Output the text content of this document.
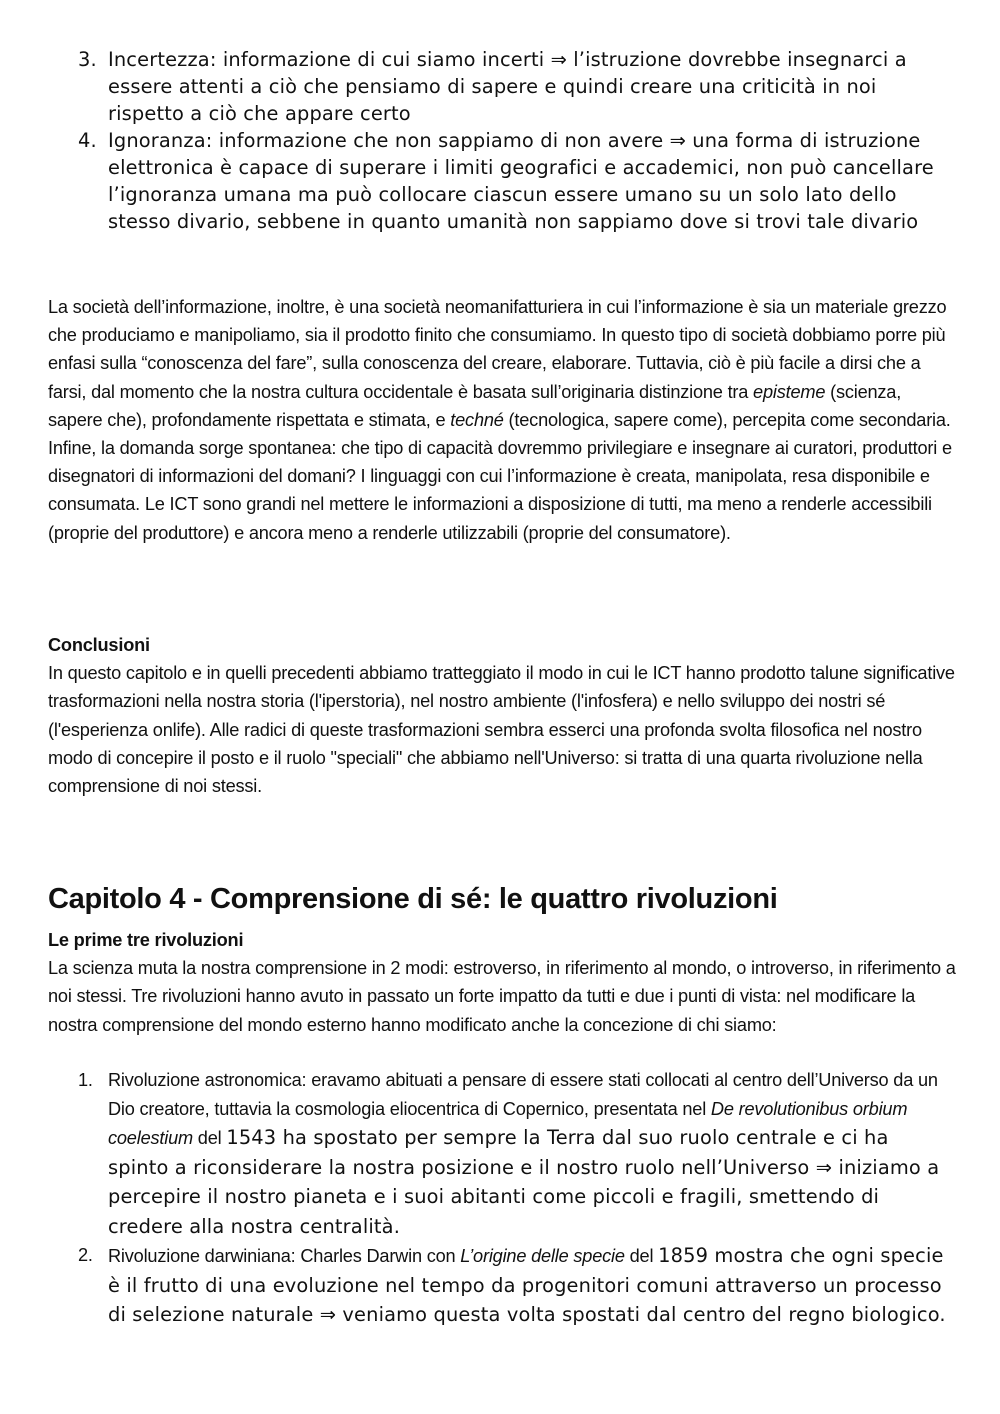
3. Incertezza: informazione di cui siamo incerti ⇒ l’istruzione dovrebbe insegnarci a essere attenti a ciò che pensiamo di sapere e quindi creare una criticità in noi rispetto a ciò che appare certo
4. Ignoranza: informazione che non sappiamo di non avere ⇒ una forma di istruzione elettronica è capace di superare i limiti geografici e accademici, non può cancellare l’ignoranza umana ma può collocare ciascun essere umano su un solo lato dello stesso divario, sebbene in quanto umanità non sappiamo dove si trovi tale divario

La società dell’informazione, inoltre, è una società neomanifatturiera in cui l’informazione è sia un materiale grezzo che produciamo e manipoliamo, sia il prodotto finito che consumiamo. In questo tipo di società dobbiamo porre più enfasi sulla “conoscenza del fare”, sulla conoscenza del creare, elaborare. Tuttavia, ciò è più facile a dirsi che a farsi, dal momento che la nostra cultura occidentale è basata sull’originaria distinzione tra episteme (scienza, sapere che), profondamente rispettata e stimata, e techné (tecnologica, sapere come), percepita come secondaria.

Infine, la domanda sorge spontanea: che tipo di capacità dovremmo privilegiare e insegnare ai curatori, produttori e disegnatori di informazioni del domani? I linguaggi con cui l’informazione è creata, manipolata, resa disponibile e consumata. Le ICT sono grandi nel mettere le informazioni a disposizione di tutti, ma meno a renderle accessibili (proprie del produttore) e ancora meno a renderle utilizzabili (proprie del consumatore).

Conclusioni

In questo capitolo e in quelli precedenti abbiamo tratteggiato il modo in cui le ICT hanno prodotto talune significative trasformazioni nella nostra storia (l'iperstoria), nel nostro ambiente (l'infosfera) e nello sviluppo dei nostri sé (l'esperienza onlife). Alle radici di queste trasformazioni sembra esserci una profonda svolta filosofica nel nostro modo di concepire il posto e il ruolo "speciali" che abbiamo nell'Universo: si tratta di una quarta rivoluzione nella comprensione di noi stessi.

Capitolo 4 - Comprensione di sé: le quattro rivoluzioni
Le prime tre rivoluzioni

La scienza muta la nostra comprensione in 2 modi: estroverso, in riferimento al mondo, o introverso, in riferimento a noi stessi. Tre rivoluzioni hanno avuto in passato un forte impatto da tutti e due i punti di vista: nel modificare la nostra comprensione del mondo esterno hanno modificato anche la concezione di chi siamo:

1. Rivoluzione astronomica: eravamo abituati a pensare di essere stati collocati al centro dell’Universo da un Dio creatore, tuttavia la cosmologia eliocentrica di Copernico, presentata nel De revolutionibus orbium coelestium del 1543 ha spostato per sempre la Terra dal suo ruolo centrale e ci ha spinto a riconsiderare la nostra posizione e il nostro ruolo nell’Universo ⇒ iniziamo a percepire il nostro pianeta e i suoi abitanti come piccoli e fragili, smettendo di credere alla nostra centralità.
2. Rivoluzione darwiniana: Charles Darwin con L’origine delle specie del 1859 mostra che ogni specie è il frutto di una evoluzione nel tempo da progenitori comuni attraverso un processo di selezione naturale ⇒ veniamo questa volta spostati dal centro del regno biologico.
